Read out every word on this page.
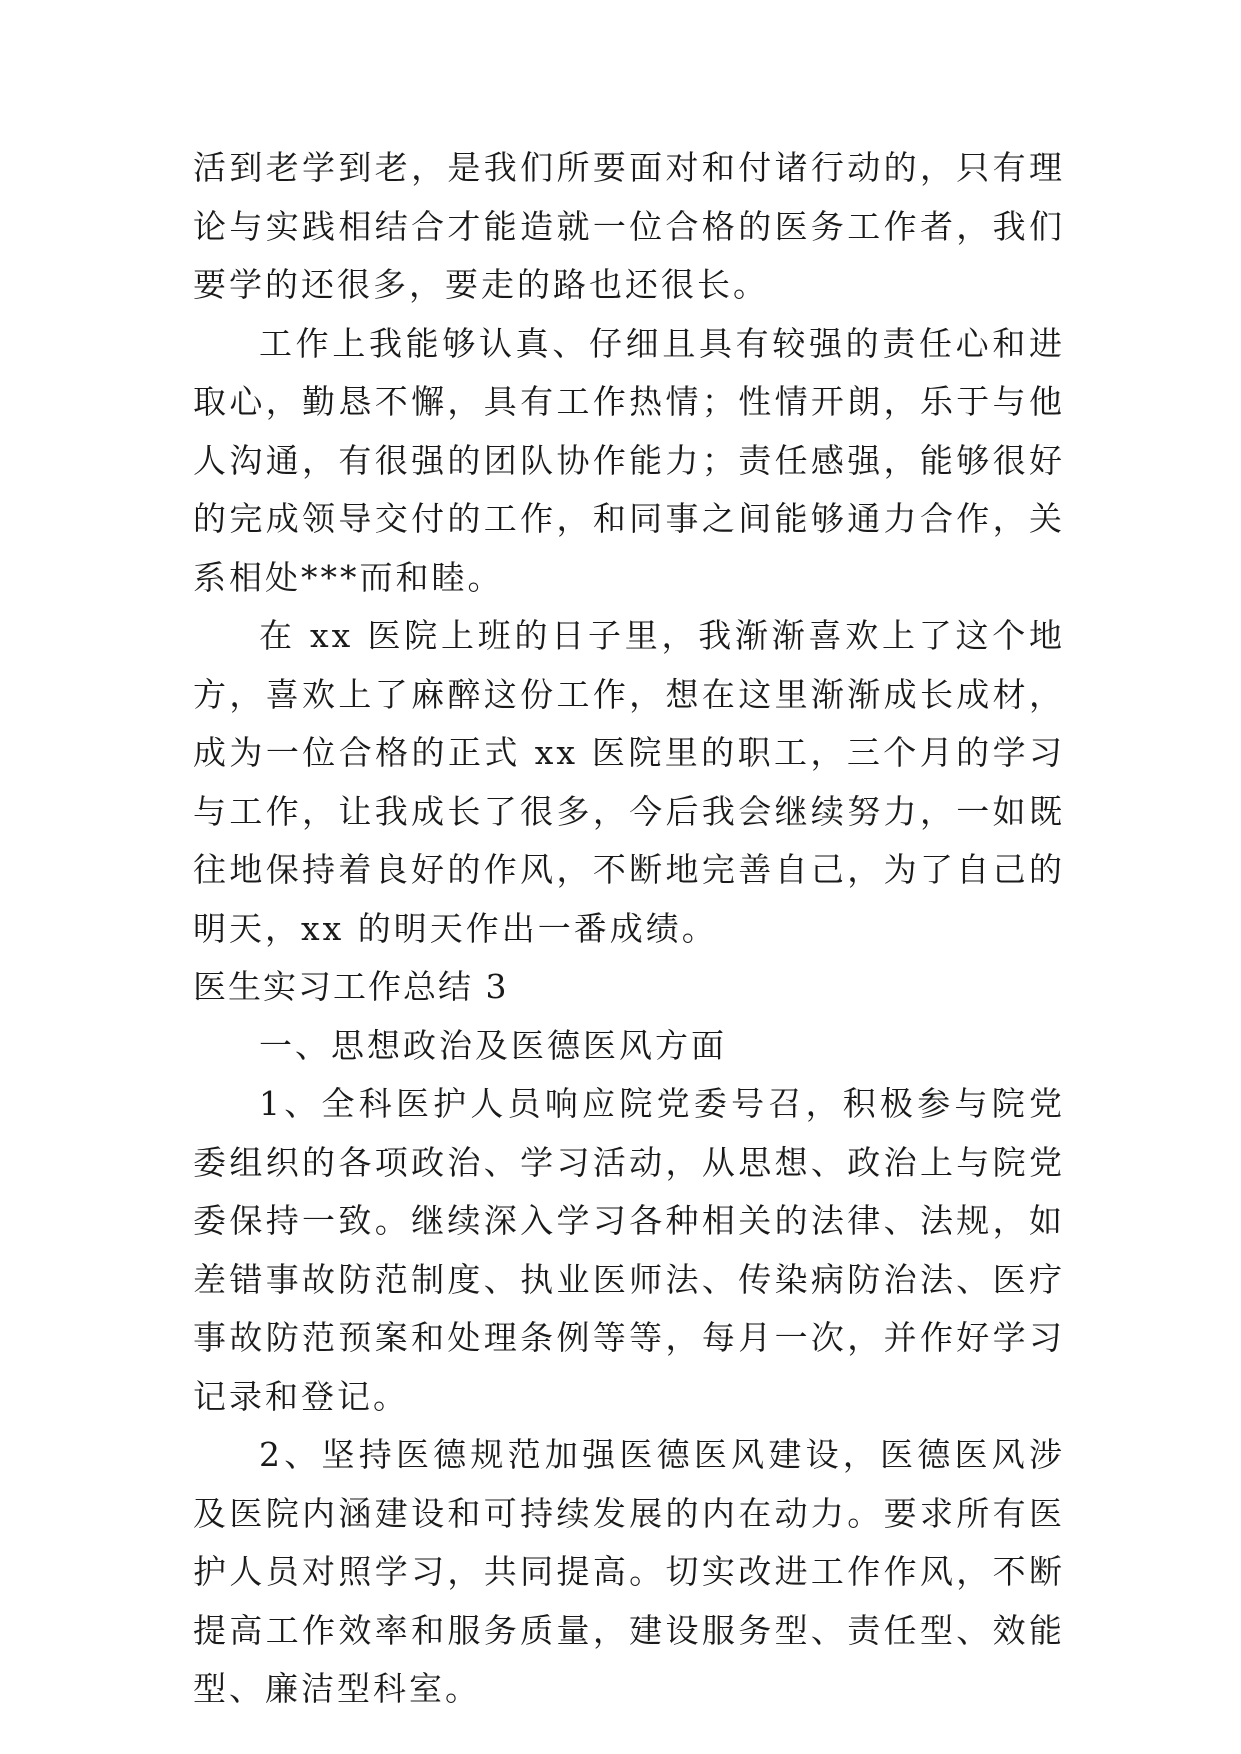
活到老学到老，是我们所要面对和付诸行动的，只有理论与实践相结合才能造就一位合格的医务工作者，我们要学的还很多，要走的路也还很长。

工作上我能够认真、仔细且具有较强的责任心和进取心，勤恳不懈，具有工作热情；性情开朗，乐于与他人沟通，有很强的团队协作能力；责任感强，能够很好的完成领导交付的工作，和同事之间能够通力合作，关系相处***而和睦。

在 xx 医院上班的日子里，我渐渐喜欢上了这个地方，喜欢上了麻醉这份工作，想在这里渐渐成长成材，成为一位合格的正式 xx 医院里的职工，三个月的学习与工作，让我成长了很多，今后我会继续努力，一如既往地保持着良好的作风，不断地完善自己，为了自己的明天，xx 的明天作出一番成绩。

医生实习工作总结 3

一、思想政治及医德医风方面

1、全科医护人员响应院党委号召，积极参与院党委组织的各项政治、学习活动，从思想、政治上与院党委保持一致。继续深入学习各种相关的法律、法规，如差错事故防范制度、执业医师法、传染病防治法、医疗事故防范预案和处理条例等等，每月一次，并作好学习记录和登记。

2、坚持医德规范加强医德医风建设，医德医风涉及医院内涵建设和可持续发展的内在动力。要求所有医护人员对照学习，共同提高。切实改进工作作风，不断提高工作效率和服务质量，建设服务型、责任型、效能型、廉洁型科室。
